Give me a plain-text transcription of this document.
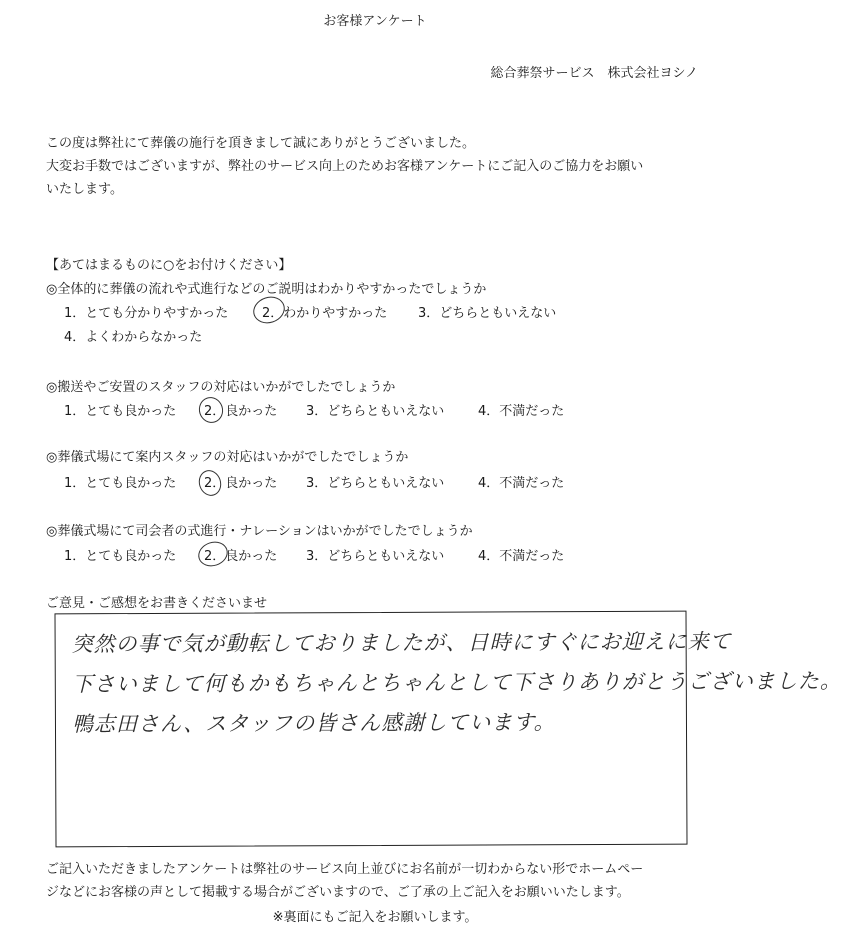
お客様アンケート
総合葬祭サービス　株式会社ヨシノ

この度は弊社にて葬儀の施行を頂きまして誠にありがとうございました。

大変お手数ではございますが、弊社のサービス向上のためお客様アンケートにご記入のご協力をお願い

いたします。

【あてはまるものに○をお付けください】
◎全体的に葬儀の流れや式進行などのご説明はわかりやすかったでしょうか
1．とても分かりやすかった	2．わかりやすかった 3．どちらともいえない
4．よくわからなかった
◎搬送やご安置のスタッフの対応はいかがでしたでしょうか
1．とても良かった 2．良かった 3．どちらともいえない	4．不満だった
◎葬儀式場にて案内スタッフの対応はいかがでしたでしょうか
1．とても良かった 2．良かった 3．どちらともいえない	4．不満だった
◎葬儀式場にて司会者の式進行・ナレーションはいかがでしたでしょうか
1．とても良かった 2．良かった 3．どちらともいえない	4．不満だった
ご意見・ご感想をお書きくださいませ
突然の事で気が動転しておりましたが、日時にすぐにお迎えに来て
下さいまして何もかもちゃんとちゃんとして下さりありがとうございました。
鴨志田さん、スタッフの皆さん感謝しています。

ご記入いただきましたアンケートは弊社のサービス向上並びにお名前が一切わからない形でホームペー

ジなどにお客様の声として掲載する場合がございますので、ご了承の上ご記入をお願いいたします。

※裏面にもご記入をお願いします。
